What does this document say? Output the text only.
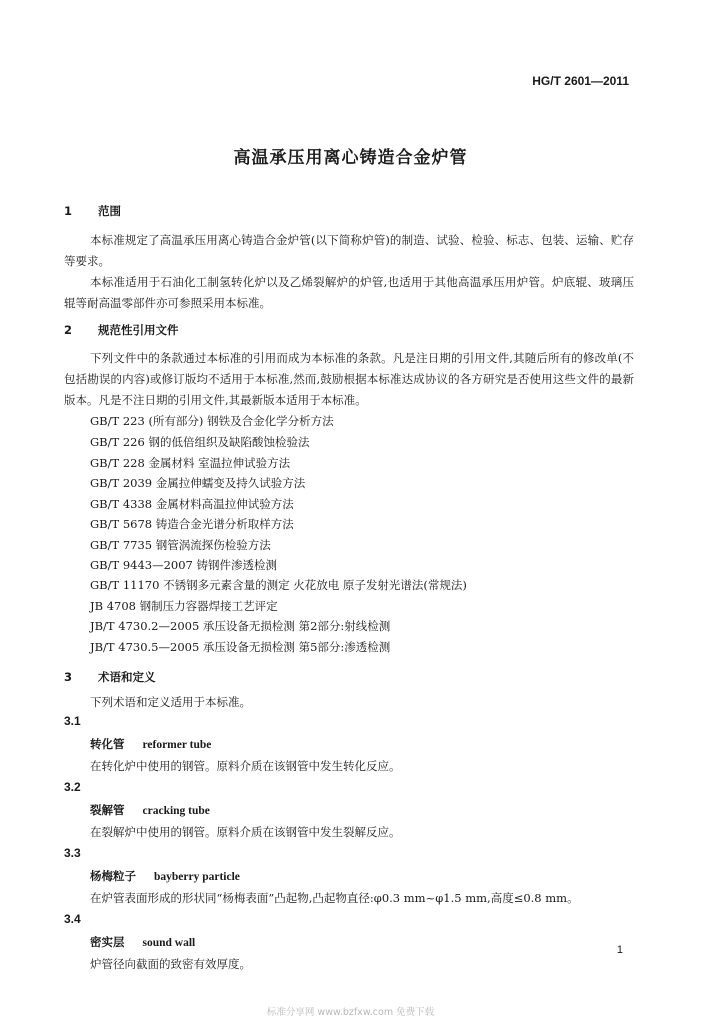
HG/T 2601—2011
高温承压用离心铸造合金炉管
1 范围
本标准规定了高温承压用离心铸造合金炉管(以下简称炉管)的制造、试验、检验、标志、包装、运输、贮存等要求。
本标准适用于石油化工制氢转化炉以及乙烯裂解炉的炉管,也适用于其他高温承压用炉管。炉底辊、玻璃压辊等耐高温零部件亦可参照采用本标准。
2 规范性引用文件
下列文件中的条款通过本标准的引用而成为本标准的条款。凡是注日期的引用文件,其随后所有的修改单(不包括勘误的内容)或修订版均不适用于本标准,然而,鼓励根据本标准达成协议的各方研究是否使用这些文件的最新版本。凡是不注日期的引用文件,其最新版本适用于本标准。
GB/T 223 (所有部分) 钢铁及合金化学分析方法
GB/T 226 钢的低倍组织及缺陷酸蚀检验法
GB/T 228 金属材料 室温拉伸试验方法
GB/T 2039 金属拉伸蠕变及持久试验方法
GB/T 4338 金属材料高温拉伸试验方法
GB/T 5678 铸造合金光谱分析取样方法
GB/T 7735 钢管涡流探伤检验方法
GB/T 9443—2007 铸钢件渗透检测
GB/T 11170 不锈钢多元素含量的测定 火花放电 原子发射光谱法(常规法)
JB 4708 钢制压力容器焊接工艺评定
JB/T 4730.2—2005 承压设备无损检测 第2部分:射线检测
JB/T 4730.5—2005 承压设备无损检测 第5部分:渗透检测
3 术语和定义
下列术语和定义适用于本标准。
3.1
转化管 reformer tube
在转化炉中使用的钢管。原料介质在该钢管中发生转化反应。
3.2
裂解管 cracking tube
在裂解炉中使用的钢管。原料介质在该钢管中发生裂解反应。
3.3
杨梅粒子 bayberry particle
在炉管表面形成的形状同“杨梅表面”凸起物,凸起物直径:φ0.3 mm~φ1.5 mm,高度≤0.8 mm。
3.4
密实层 sound wall
炉管径向截面的致密有效厚度。
1
标准分享网 www.bzfxw.com 免费下载
